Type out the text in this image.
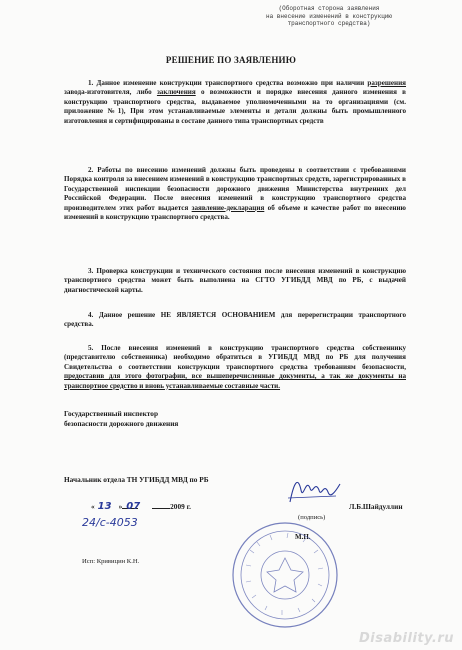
(Оборотная сторона заявления
на внесение изменений в конструкцию
транспортного средства)
РЕШЕНИЕ ПО ЗАЯВЛЕНИЮ
1. Данное изменение конструкции транспортного средства возможно при наличии разрешения завода-изготовителя, либо заключения о возможности и порядке внесения данного изменения в конструкцию транспортного средства, выдаваемое уполномоченными на то организациями (см. приложение №1), При этом устанавливаемые элементы и детали должны быть промышленного изготовления и сертифицированы в составе данного типа транспортных средств
2. Работы по внесению изменений должны быть проведены в соответствии с требованиями Порядка контроля за внесением изменений в конструкцию транспортных средств, зарегистрированных в Государственной инспекции безопасности дорожного движения Министерства внутренних дел Российской Федерации. После внесения изменений в конструкцию транспортного средства производителем этих работ выдается заявление-декларация об объеме и качестве работ по внесению изменений в конструкцию транспортного средства.
3. Проверка конструкции и технического состояния после внесения изменений в конструкцию транспортного средства может быть выполнена на СГТО УГИБДД МВД по РБ, с выдачей диагностической карты.
4. Данное решение НЕ ЯВЛЯЕТСЯ ОСНОВАНИЕМ для перерегистрации транспортного средства.
5. После внесения изменений в конструкцию транспортного средства собственнику (представителю собственника) необходимо обратиться в УГИБДД МВД по РБ для получения Свидетельства о соответствии конструкции транспортного средства требованиям безопасности, предоставив для этого фотографии, все вышеперечисленные документы, а так же документы на транспортное средство и вновь устанавливаемые составные части.
Государственный инспектор
безопасности дорожного движения
Начальник отдела ТН УГИБДД МВД по РБ
« 13 » 07	2009 г.
24/с-4053	(подпись)
М.П.
Л.Б.Шайдуллин
Исп: Кривицин К.Н.
Disability.ru
